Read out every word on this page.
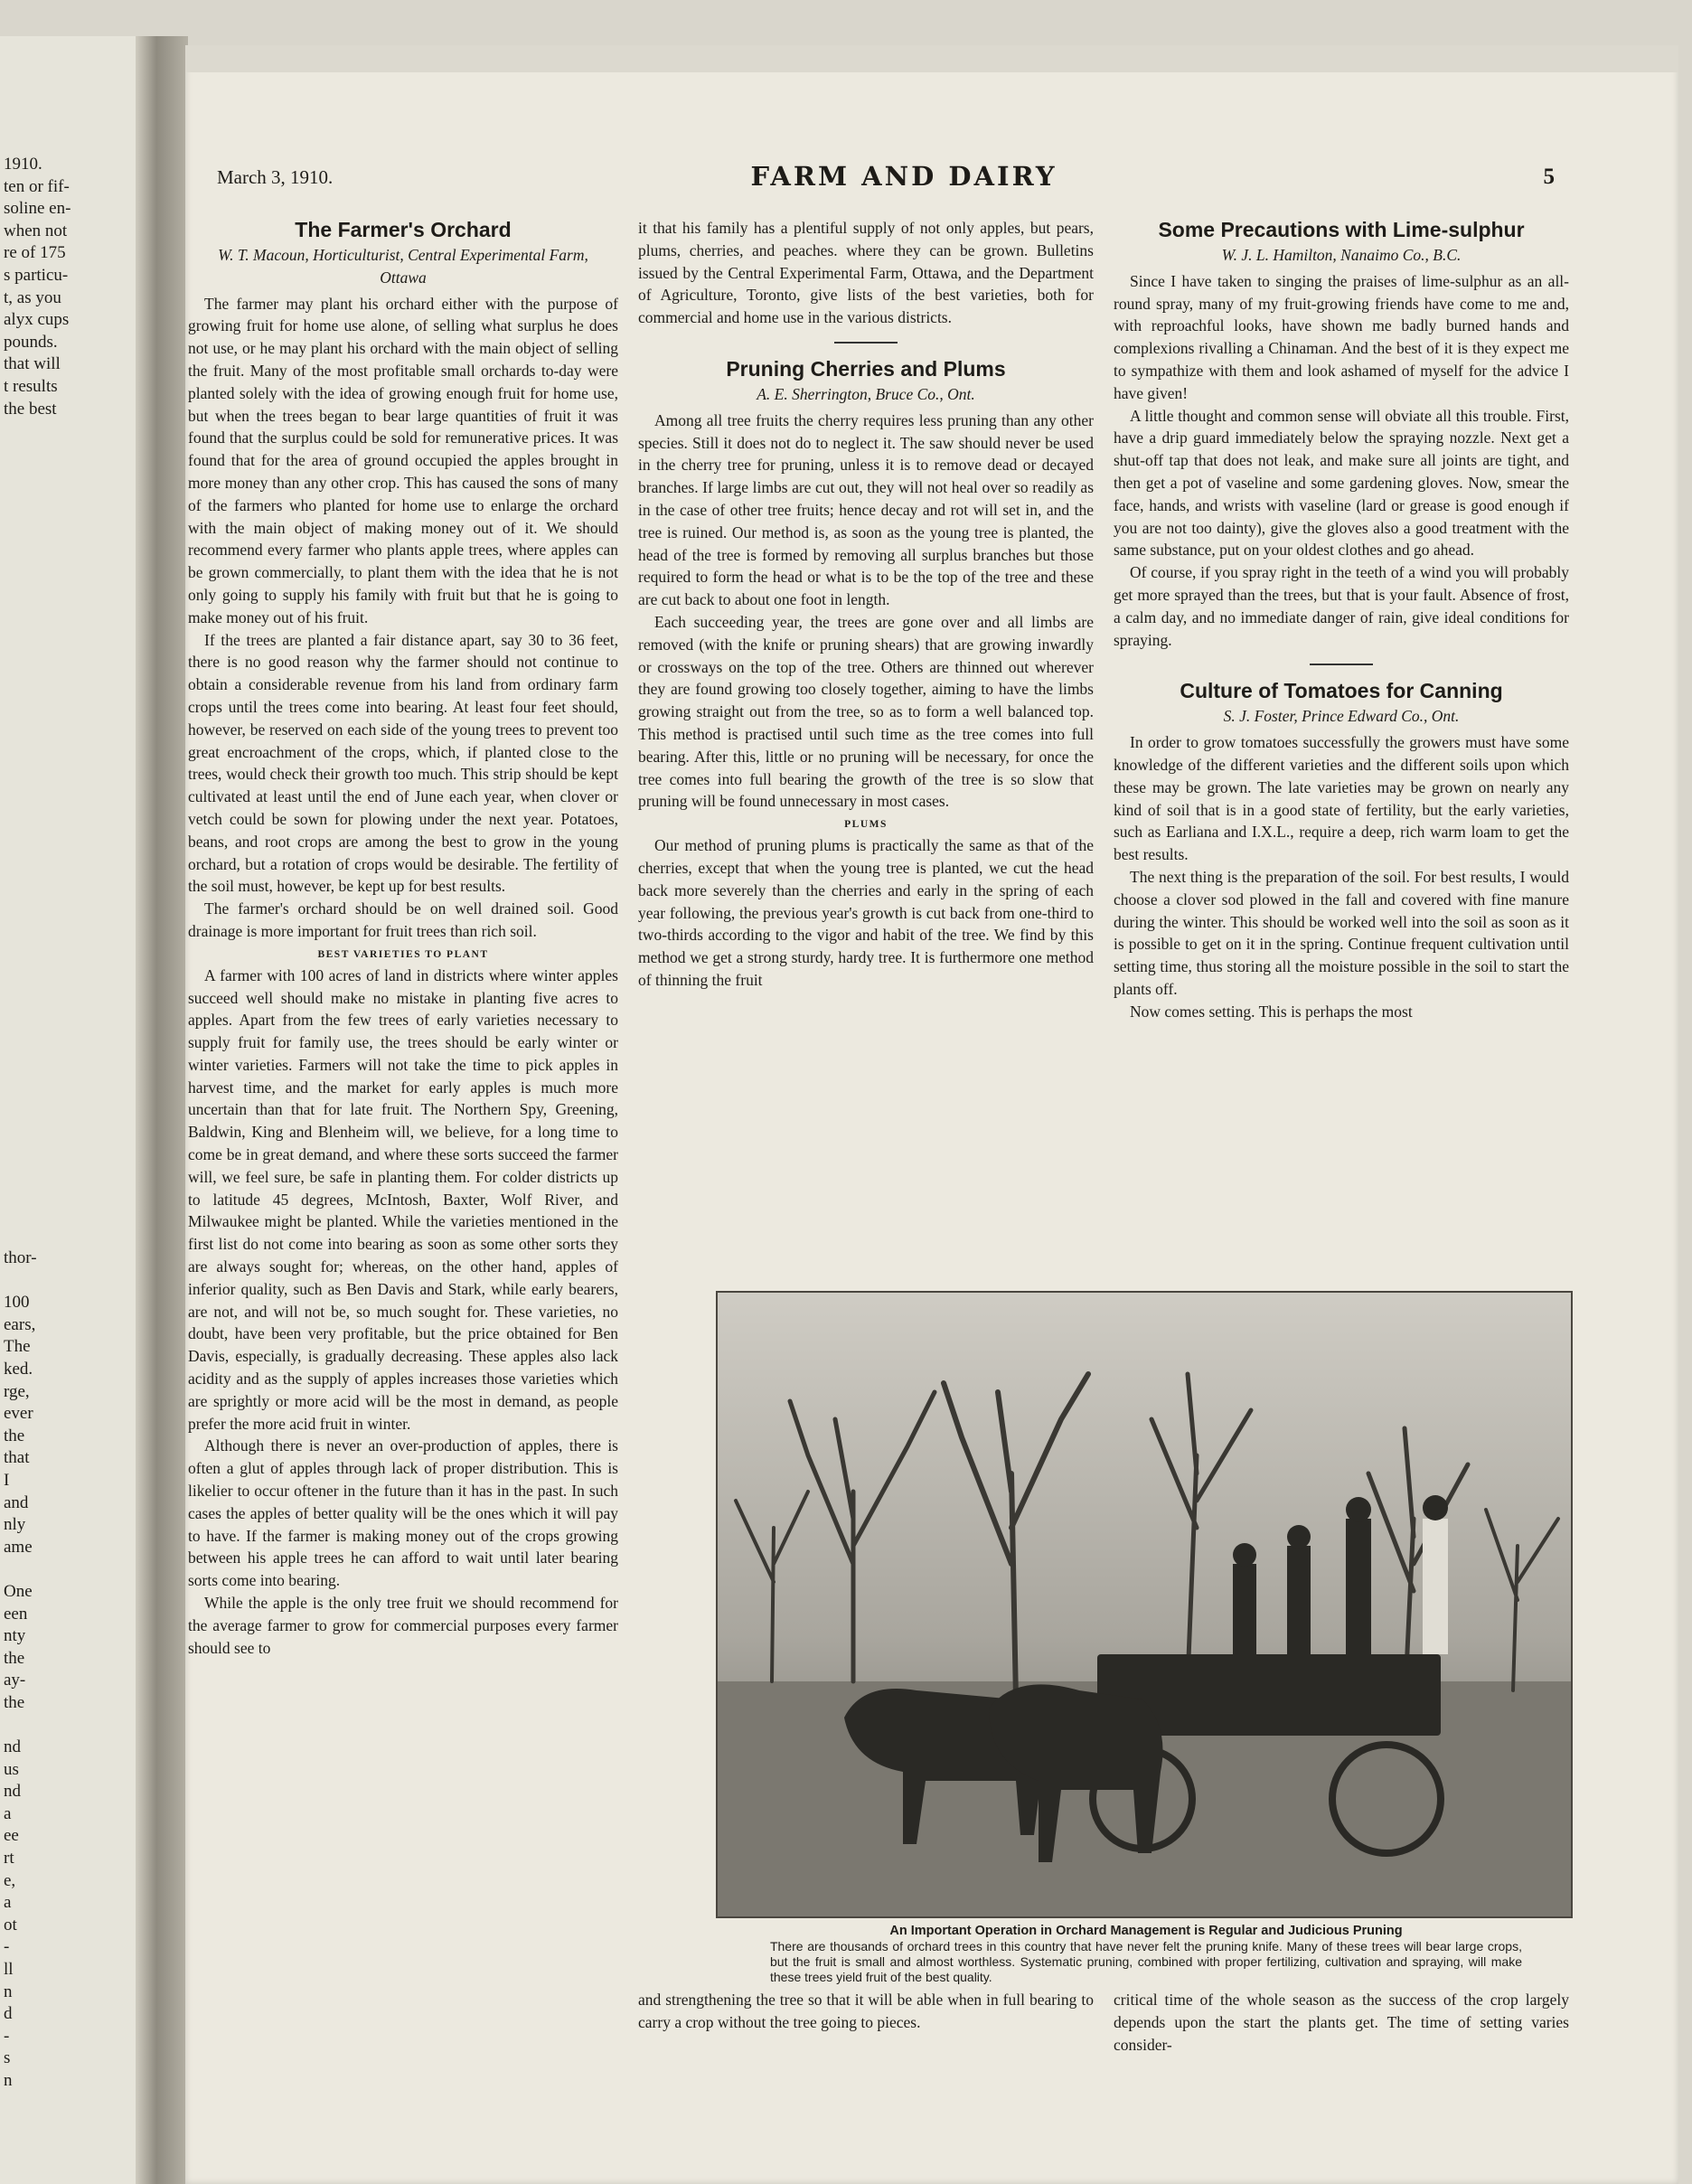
1910.
ten or fif-
soline en-
when not
re of 175
s particu-
t, as you
alyx cups
pounds.
that will
t results
the best
thor-

100
ears,
The
ked.
rge,
ever
the
that
I
and
nly
ame

One
een
nty
the
ay-
the

nd
us
nd
a
ee
rt
e,
a
ot
-
ll
n
d
-
s
n
March 3, 1910.	FARM AND DAIRY	5
The Farmer's Orchard
W. T. Macoun, Horticulturist, Central Experimental Farm, Ottawa

The farmer may plant his orchard either with the purpose of growing fruit for home use alone, of selling what surplus he does not use, or he may plant his orchard with the main object of selling the fruit. Many of the most profitable small orchards to-day were planted solely with the idea of growing enough fruit for home use, but when the trees began to bear large quantities of fruit it was found that the surplus could be sold for remunerative prices. It was found that for the area of ground occupied the apples brought in more money than any other crop. This has caused the sons of many of the farmers who planted for home use to enlarge the orchard with the main object of making money out of it. We should recommend every farmer who plants apple trees, where apples can be grown commercially, to plant them with the idea that he is not only going to supply his family with fruit but that he is going to make money out of his fruit.

If the trees are planted a fair distance apart, say 30 to 36 feet, there is no good reason why the farmer should not continue to obtain a considerable revenue from his land from ordinary farm crops until the trees come into bearing. At least four feet should, however, be reserved on each side of the young trees to prevent too great encroachment of the crops, which, if planted close to the trees, would check their growth too much. This strip should be kept cultivated at least until the end of June each year, when clover or vetch could be sown for plowing under the next year. Potatoes, beans, and root crops are among the best to grow in the young orchard, but a rotation of crops would be desirable. The fertility of the soil must, however, be kept up for best results.

The farmer's orchard should be on well drained soil. Good drainage is more important for fruit trees than rich soil.

BEST VARIETIES TO PLANT

A farmer with 100 acres of land in districts where winter apples succeed well should make no mistake in planting five acres to apples. Apart from the few trees of early varieties necessary to supply fruit for family use, the trees should be early winter or winter varieties. Farmers will not take the time to pick apples in harvest time, and the market for early apples is much more uncertain than that for late fruit. The Northern Spy, Greening, Baldwin, King and Blenheim will, we believe, for a long time to come be in great demand, and where these sorts succeed the farmer will, we feel sure, be safe in planting them. For colder districts up to latitude 45 degrees, McIntosh, Baxter, Wolf River, and Milwaukee might be planted. While the varieties mentioned in the first list do not come into bearing as soon as some other sorts they are always sought for; whereas, on the other hand, apples of inferior quality, such as Ben Davis and Stark, while early bearers, are not, and will not be, so much sought for. These varieties, no doubt, have been very profitable, but the price obtained for Ben Davis, especially, is gradually decreasing. These apples also lack acidity and as the supply of apples increases those varieties which are sprightly or more acid will be the most in demand, as people prefer the more acid fruit in winter.

Although there is never an over-production of apples, there is often a glut of apples through lack of proper distribution. This is likelier to occur oftener in the future than it has in the past. In such cases the apples of better quality will be the ones which it will pay to have. If the farmer is making money out of the crops growing between his apple trees he can afford to wait until later bearing sorts come into bearing.

While the apple is the only tree fruit we should recommend for the average farmer to grow for commercial purposes every farmer should see to

it that his family has a plentiful supply of not only apples, but pears, plums, cherries, and peaches. where they can be grown. Bulletins issued by the Central Experimental Farm, Ottawa, and the Department of Agriculture, Toronto, give lists of the best varieties, both for commercial and home use in the various districts.

Pruning Cherries and Plums
A. E. Sherrington, Bruce Co., Ont.

Among all tree fruits the cherry requires less pruning than any other species. Still it does not do to neglect it. The saw should never be used in the cherry tree for pruning, unless it is to remove dead or decayed branches. If large limbs are cut out, they will not heal over so readily as in the case of other tree fruits; hence decay and rot will set in, and the tree is ruined. Our method is, as soon as the young tree is planted, the head of the tree is formed by removing all surplus branches but those required to form the head or what is to be the top of the tree and these are cut back to about one foot in length.

Each succeeding year, the trees are gone over and all limbs are removed (with the knife or pruning shears) that are growing inwardly or crossways on the top of the tree. Others are thinned out wherever they are found growing too closely together, aiming to have the limbs growing straight out from the tree, so as to form a well balanced top. This method is practised until such time as the tree comes into full bearing. After this, little or no pruning will be necessary, for once the tree comes into full bearing the growth of the tree is so slow that pruning will be found unnecessary in most cases.

PLUMS

Our method of pruning plums is practically the same as that of the cherries, except that when the young tree is planted, we cut the head back more severely than the cherries and early in the spring of each year following, the previous year's growth is cut back from one-third to two-thirds according to the vigor and habit of the tree. We find by this method we get a strong sturdy, hardy tree. It is furthermore one method of thinning the fruit

Some Precautions with Lime-sulphur
W. J. L. Hamilton, Nanaimo Co., B.C.

Since I have taken to singing the praises of lime-sulphur as an all-round spray, many of my fruit-growing friends have come to me and, with reproachful looks, have shown me badly burned hands and complexions rivalling a Chinaman. And the best of it is they expect me to sympathize with them and look ashamed of myself for the advice I have given!

A little thought and common sense will obviate all this trouble. First, have a drip guard immediately below the spraying nozzle. Next get a shut-off tap that does not leak, and make sure all joints are tight, and then get a pot of vaseline and some gardening gloves. Now, smear the face, hands, and wrists with vaseline (lard or grease is good enough if you are not too dainty), give the gloves also a good treatment with the same substance, put on your oldest clothes and go ahead.

Of course, if you spray right in the teeth of a wind you will probably get more sprayed than the trees, but that is your fault. Absence of frost, a calm day, and no immediate danger of rain, give ideal conditions for spraying.

Culture of Tomatoes for Canning
S. J. Foster, Prince Edward Co., Ont.

In order to grow tomatoes successfully the growers must have some knowledge of the different varieties and the different soils upon which these may be grown. The late varieties may be grown on nearly any kind of soil that is in a good state of fertility, but the early varieties, such as Earliana and I.X.L., require a deep, rich warm loam to get the best results.

The next thing is the preparation of the soil. For best results, I would choose a clover sod plowed in the fall and covered with fine manure during the winter. This should be worked well into the soil as soon as it is possible to get on it in the spring. Continue frequent cultivation until setting time, thus storing all the moisture possible in the soil to start the plants off.

Now comes setting. This is perhaps the most

An Important Operation in Orchard Management is Regular and Judicious Pruning
There are thousands of orchard trees in this country that have never felt the pruning knife. Many of these trees will bear large crops, but the fruit is small and almost worthless. Systematic pruning, combined with proper fertilizing, cultivation and spraying, will make these trees yield fruit of the best quality.

and strengthening the tree so that it will be able when in full bearing to carry a crop without the tree going to pieces.

critical time of the whole season as the success of the crop largely depends upon the start the plants get. The time of setting varies consider-
